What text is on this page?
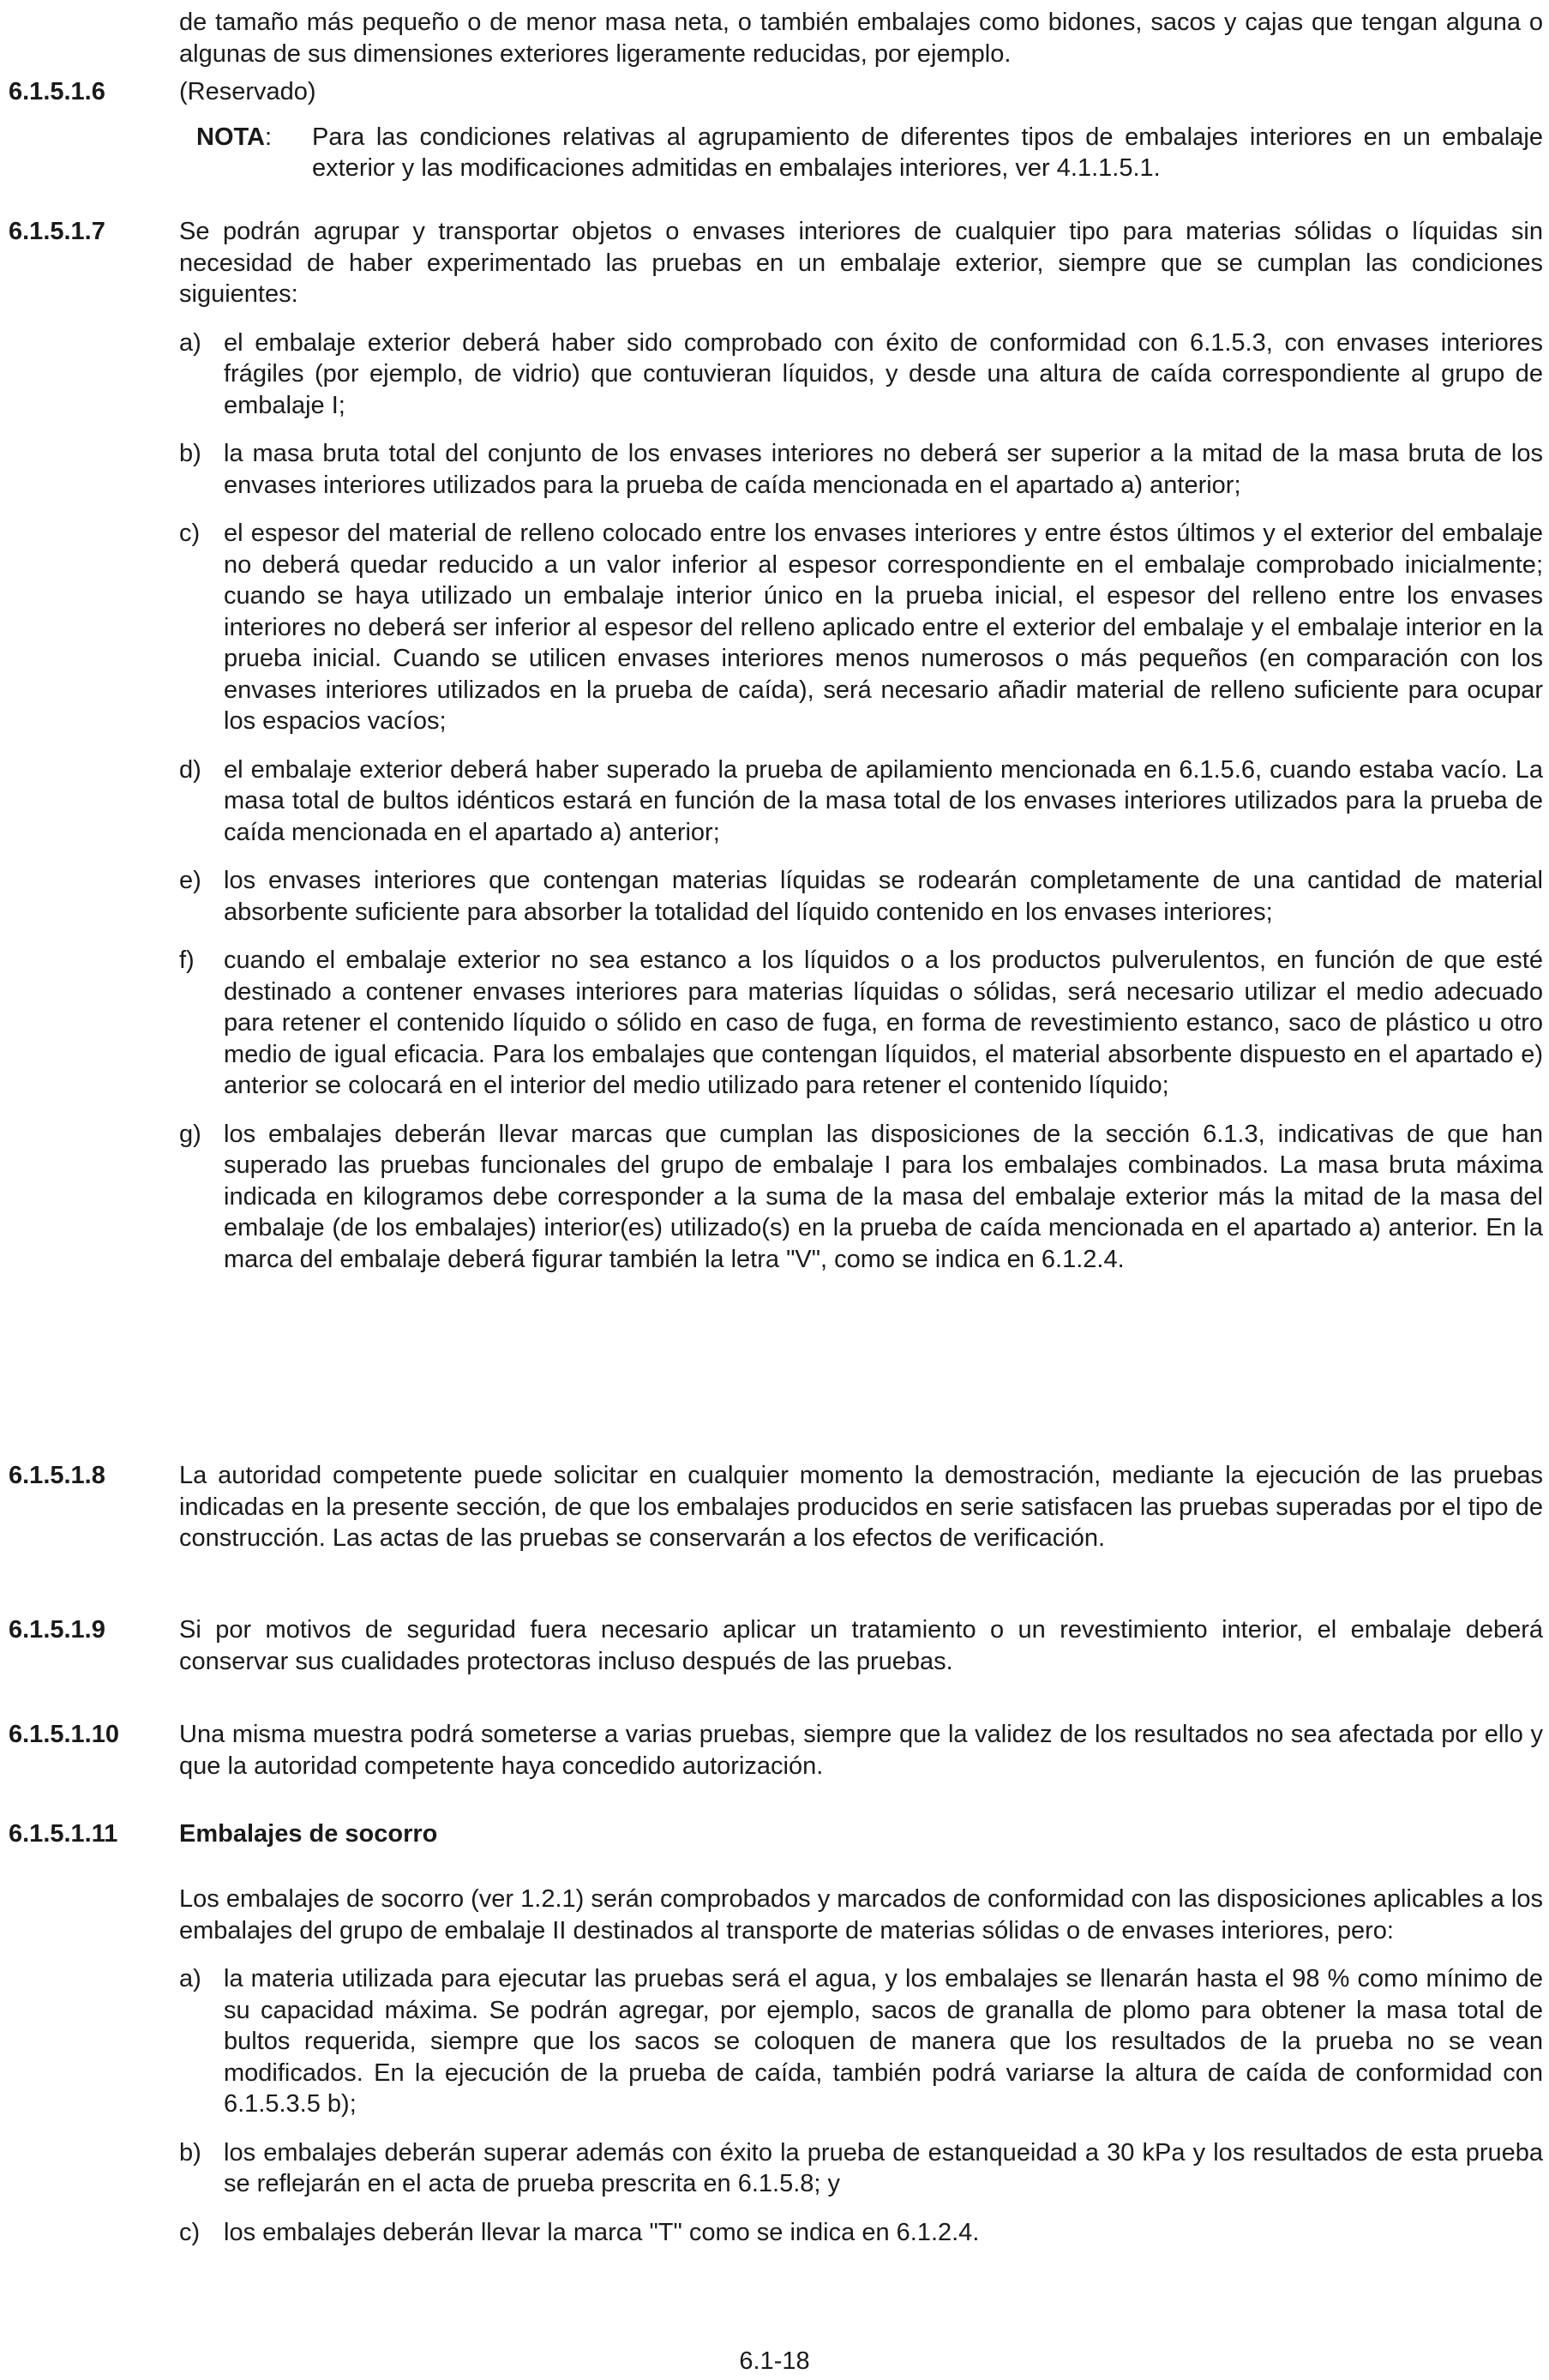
de tamaño más pequeño o de menor masa neta, o también embalajes como bidones, sacos y cajas que tengan alguna o algunas de sus dimensiones exteriores ligeramente reducidas, por ejemplo.

6.1.5.1.6	(Reservado)

NOTA: Para las condiciones relativas al agrupamiento de diferentes tipos de embalajes interiores en un embalaje exterior y las modificaciones admitidas en embalajes interiores, ver 4.1.1.5.1.

6.1.5.1.7	Se podrán agrupar y transportar objetos o envases interiores de cualquier tipo para materias sólidas o líquidas sin necesidad de haber experimentado las pruebas en un embalaje exterior, siempre que se cumplan las condiciones siguientes:

a) el embalaje exterior deberá haber sido comprobado con éxito de conformidad con 6.1.5.3, con envases interiores frágiles (por ejemplo, de vidrio) que contuvieran líquidos, y desde una altura de caída correspondiente al grupo de embalaje I;

b) la masa bruta total del conjunto de los envases interiores no deberá ser superior a la mitad de la masa bruta de los envases interiores utilizados para la prueba de caída mencionada en el apartado a) anterior;

c) el espesor del material de relleno colocado entre los envases interiores y entre éstos últimos y el exterior del embalaje no deberá quedar reducido a un valor inferior al espesor correspondiente en el embalaje comprobado inicialmente; cuando se haya utilizado un embalaje interior único en la prueba inicial, el espesor del relleno entre los envases interiores no deberá ser inferior al espesor del relleno aplicado entre el exterior del embalaje y el embalaje interior en la prueba inicial. Cuando se utilicen envases interiores menos numerosos o más pequeños (en comparación con los envases interiores utilizados en la prueba de caída), será necesario añadir material de relleno suficiente para ocupar los espacios vacíos;

d) el embalaje exterior deberá haber superado la prueba de apilamiento mencionada en 6.1.5.6, cuando estaba vacío. La masa total de bultos idénticos estará en función de la masa total de los envases interiores utilizados para la prueba de caída mencionada en el apartado a) anterior;

e) los envases interiores que contengan materias líquidas se rodearán completamente de una cantidad de material absorbente suficiente para absorber la totalidad del líquido contenido en los envases interiores;

f) cuando el embalaje exterior no sea estanco a los líquidos o a los productos pulverulentos, en función de que esté destinado a contener envases interiores para materias líquidas o sólidas, será necesario utilizar el medio adecuado para retener el contenido líquido o sólido en caso de fuga, en forma de revestimiento estanco, saco de plástico u otro medio de igual eficacia. Para los embalajes que contengan líquidos, el material absorbente dispuesto en el apartado e) anterior se colocará en el interior del medio utilizado para retener el contenido líquido;

g) los embalajes deberán llevar marcas que cumplan las disposiciones de la sección 6.1.3, indicativas de que han superado las pruebas funcionales del grupo de embalaje I para los embalajes combinados. La masa bruta máxima indicada en kilogramos debe corresponder a la suma de la masa del embalaje exterior más la mitad de la masa del embalaje (de los embalajes) interior(es) utilizado(s) en la prueba de caída mencionada en el apartado a) anterior. En la marca del embalaje deberá figurar también la letra "V", como se indica en 6.1.2.4.

6.1.5.1.8	La autoridad competente puede solicitar en cualquier momento la demostración, mediante la ejecución de las pruebas indicadas en la presente sección, de que los embalajes producidos en serie satisfacen las pruebas superadas por el tipo de construcción. Las actas de las pruebas se conservarán a los efectos de verificación.

6.1.5.1.9	Si por motivos de seguridad fuera necesario aplicar un tratamiento o un revestimiento interior, el embalaje deberá conservar sus cualidades protectoras incluso después de las pruebas.

6.1.5.1.10 Una misma muestra podrá someterse a varias pruebas, siempre que la validez de los resultados no sea afectada por ello y que la autoridad competente haya concedido autorización.

6.1.5.1.11 Embalajes de socorro

Los embalajes de socorro (ver 1.2.1) serán comprobados y marcados de conformidad con las disposiciones aplicables a los embalajes del grupo de embalaje II destinados al transporte de materias sólidas o de envases interiores, pero:

a) la materia utilizada para ejecutar las pruebas será el agua, y los embalajes se llenarán hasta el 98 % como mínimo de su capacidad máxima. Se podrán agregar, por ejemplo, sacos de granalla de plomo para obtener la masa total de bultos requerida, siempre que los sacos se coloquen de manera que los resultados de la prueba no se vean modificados. En la ejecución de la prueba de caída, también podrá variarse la altura de caída de conformidad con 6.1.5.3.5 b);

b) los embalajes deberán superar además con éxito la prueba de estanqueidad a 30 kPa y los resultados de esta prueba se reflejarán en el acta de prueba prescrita en 6.1.5.8; y

c) los embalajes deberán llevar la marca "T" como se indica en 6.1.2.4.

6.1-18
